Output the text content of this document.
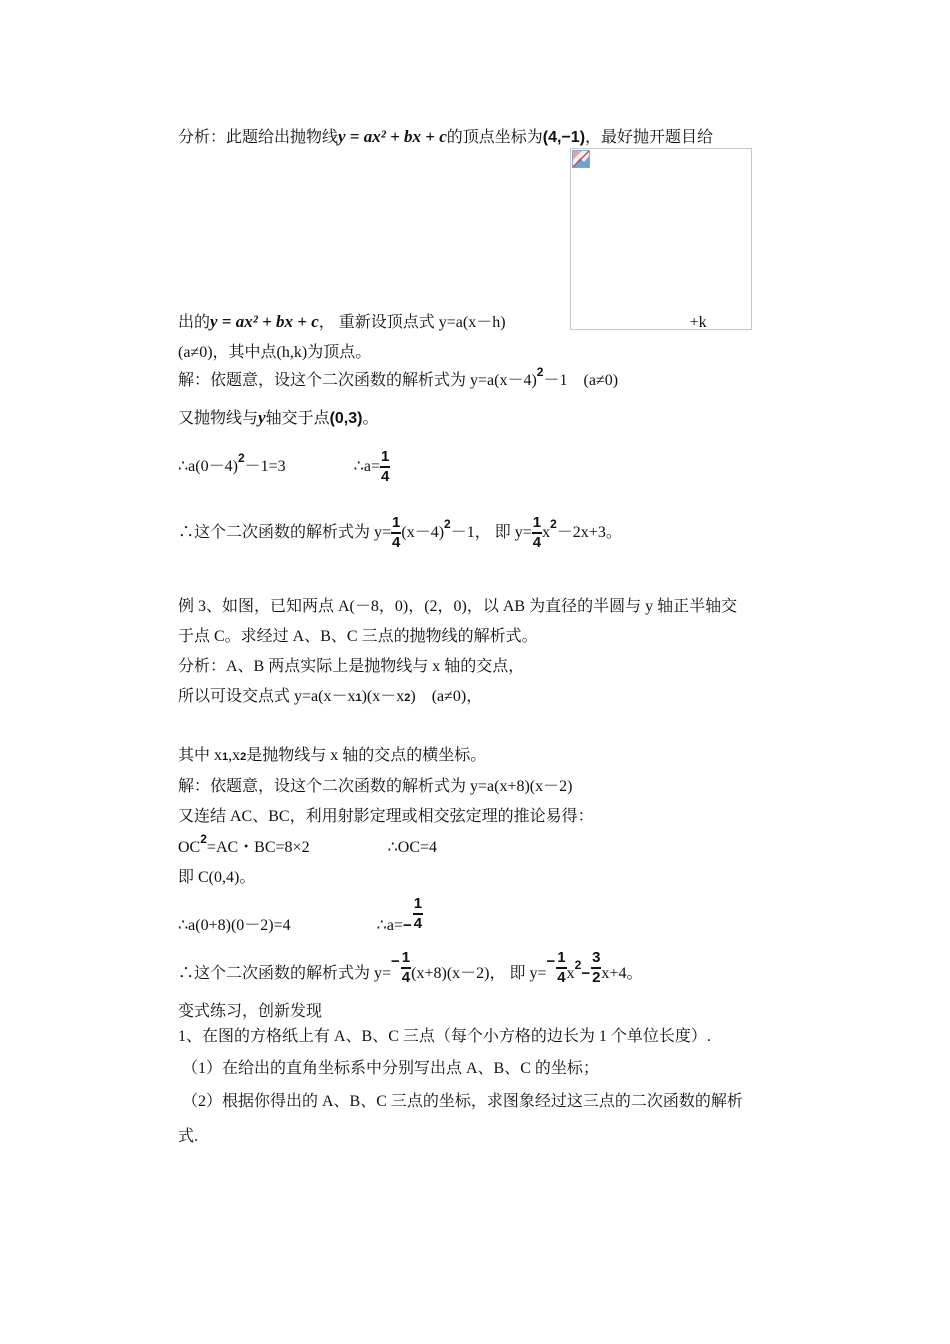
分析：此题给出抛物线y = ax² + bx + c的顶点坐标为(4,−1)，最好抛开题目给
出的y = ax² + bx + c， 重新设顶点式 y=a(x－h)	+k
(a≠0)，其中点(h,k)为顶点。
解：依题意，设这个二次函数的解析式为 $y=a(x-4)^2-1$　(a≠0)
又抛物线与y轴交于点(0,3)。
$\therefore a(0-4)^2-1=3$	∴a= $\frac{1}{4}$
∴这个二次函数的解析式为 $y= \frac{1}{4} (x-4)^2-1$， 即 $y= \frac{1}{4} x^2-2x+3$。
例 3、如图，已知两点 A(－8，0)，(2，0)，以 AB 为直径的半圆与 y 轴正半轴交
于点 C。求经过 A、B、C 三点的抛物线的解析式。
分析：A、B 两点实际上是抛物线与 x 轴的交点，
所以可设交点式 y=a(x－x1)(x－x2)　(a≠0)，
其中 x1,x2是抛物线与 x 轴的交点的横坐标。
解：依题意，设这个二次函数的解析式为 y=a(x+8)(x－2)
又连结 AC、BC，利用射影定理或相交弦定理的推论易得：
$OC^2=AC$・BC=8×2	∴OC=4
即 C(0,4)。
∴a(0+8)(0－2)=4	∴a=− $\frac{1}{4}$
∴这个二次函数的解析式为 $y=- \frac{1}{4} (x+8)(x-2)$， 即 $y=- \frac{1}{4} x^2- \frac{3}{2} x+4$。
变式练习，创新发现
1、在图的方格纸上有 A、B、C 三点（每个小方格的边长为 1 个单位长度）.
（1）在给出的直角坐标系中分别写出点 A、B、C 的坐标；
（2）根据你得出的 A、B、C 三点的坐标，求图象经过这三点的二次函数的解析
式.
